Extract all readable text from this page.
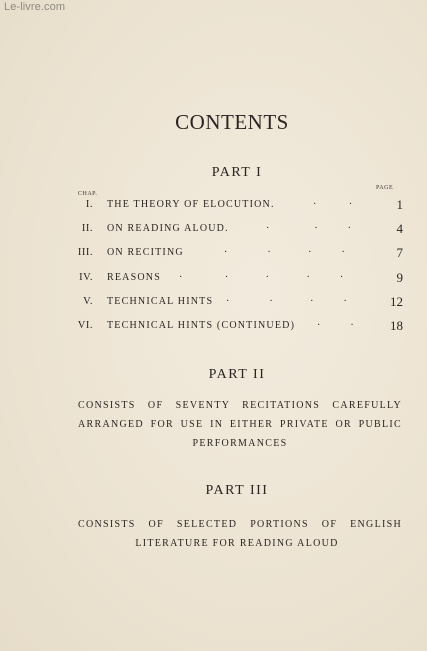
Le-livre.com
CONTENTS
PART I
CHAP.
PAGE
I. THE THEORY OF ELOCUTION.	·             ·	1
II. ON READING ALOUD.	·                  ·            ·	4
III. ON RECITING	·                ·               ·            ·	7
IV. REASONS ·                 ·               ·               ·            ·	9
V. TECHNICAL HINTS ·                ·               ·            ·	12
VI. TECHNICAL HINTS (CONTINUED) ·            ·	18
PART II
CONSISTS OF SEVENTY RECITATIONS CAREFULLY
ARRANGED FOR USE IN EITHER PRIVATE OR PUBLIC
PERFORMANCES
PART III
CONSISTS OF SELECTED PORTIONS OF ENGLISH
LITERATURE FOR READING ALOUD
